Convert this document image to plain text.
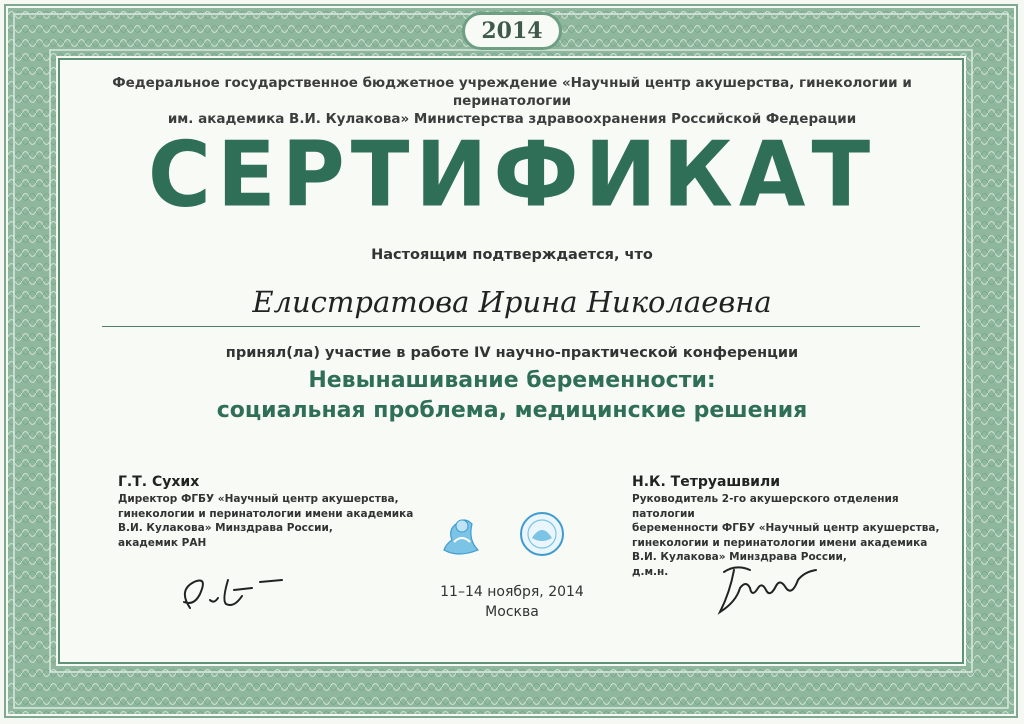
2014
Федеральное государственное бюджетное учреждение «Научный центр акушерства, гинекологии и перинатологии
им. академика В.И. Кулакова» Министерства здравоохранения Российской Федерации
СЕРТИФИКАТ
Настоящим подтверждается, что
Елистратова Ирина Николаевна
принял(ла) участие в работе IV научно-практической конференции
Невынашивание беременности:
социальная проблема, медицинские решения
Г.Т. Сухих
Директор ФГБУ «Научный центр акушерства,
гинекологии и перинатологии имени академика
В.И. Кулакова» Минздрава России,
академик РАН
Н.К. Тетруашвили
Руководитель 2-го акушерского отделения патологии
беременности ФГБУ «Научный центр акушерства,
гинекологии и перинатологии имени академика
В.И. Кулакова» Минздрава России,
д.м.н.
11–14 ноября, 2014
Москва
